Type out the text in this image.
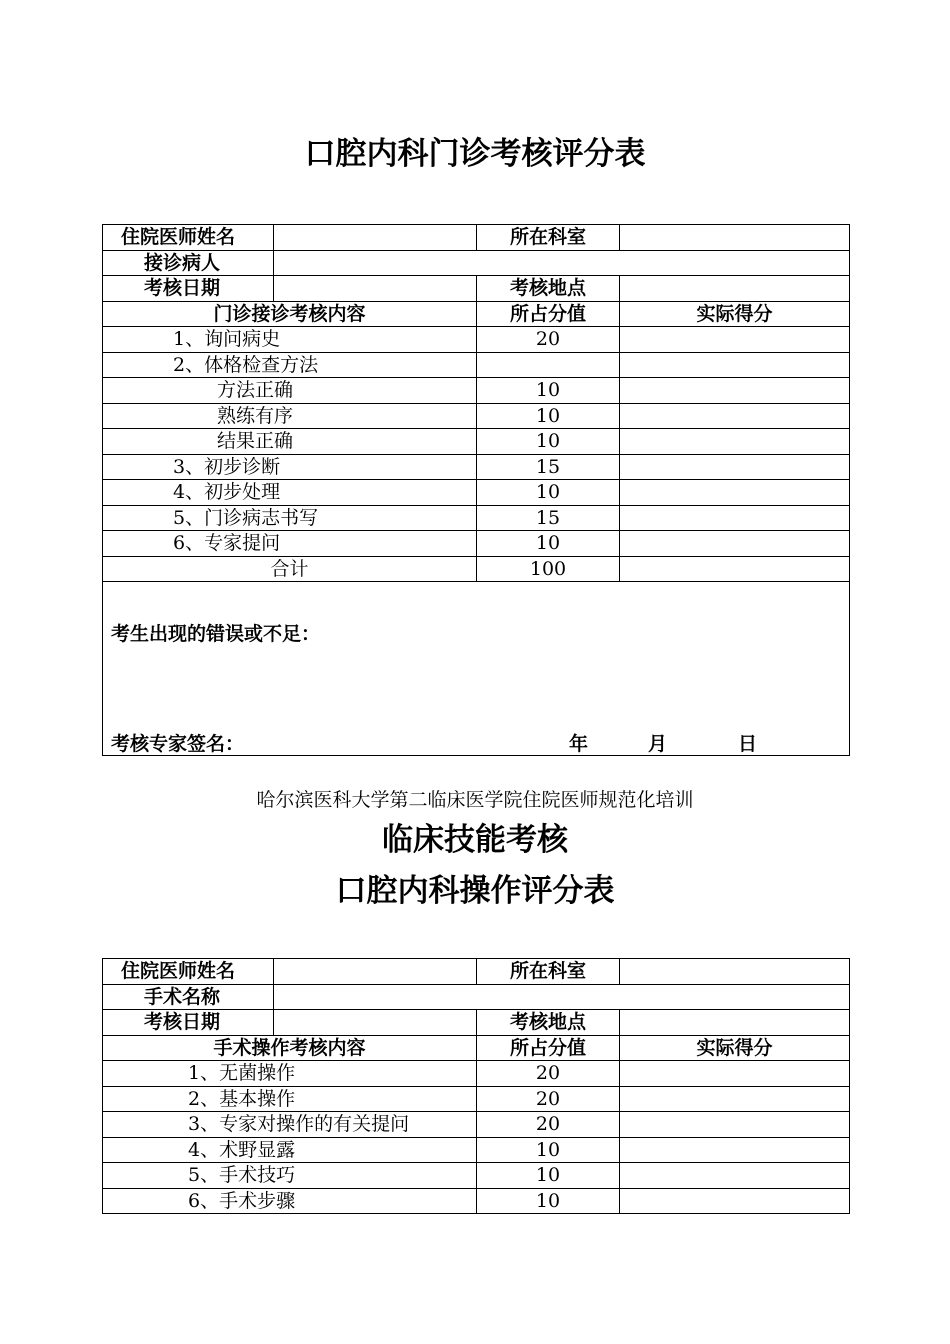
口腔内科门诊考核评分表
住院医师姓名		所在科室	
接诊病人			
考核日期		考核地点	
门诊接诊考核内容		所占分值	实际得分
1、询问病史		20	
2、体格检查方法			
方法正确		10	
熟练有序		10	
结果正确		10	
3、初步诊断		15	
4、初步处理		10	
5、门诊病志书写		15	
6、专家提问		10	
合计		100	

考生出现的错误或不足：
考核专家签名： 年 月 日			
哈尔滨医科大学第二临床医学院住院医师规范化培训
临床技能考核
口腔内科操作评分表
住院医师姓名		所在科室	
手术名称			
考核日期		考核地点	
手术操作考核内容		所占分值	实际得分
1、无菌操作		20	
2、基本操作		20	
3、专家对操作的有关提问		20	
4、术野显露		10	
5、手术技巧		10	
6、手术步骤		10	
